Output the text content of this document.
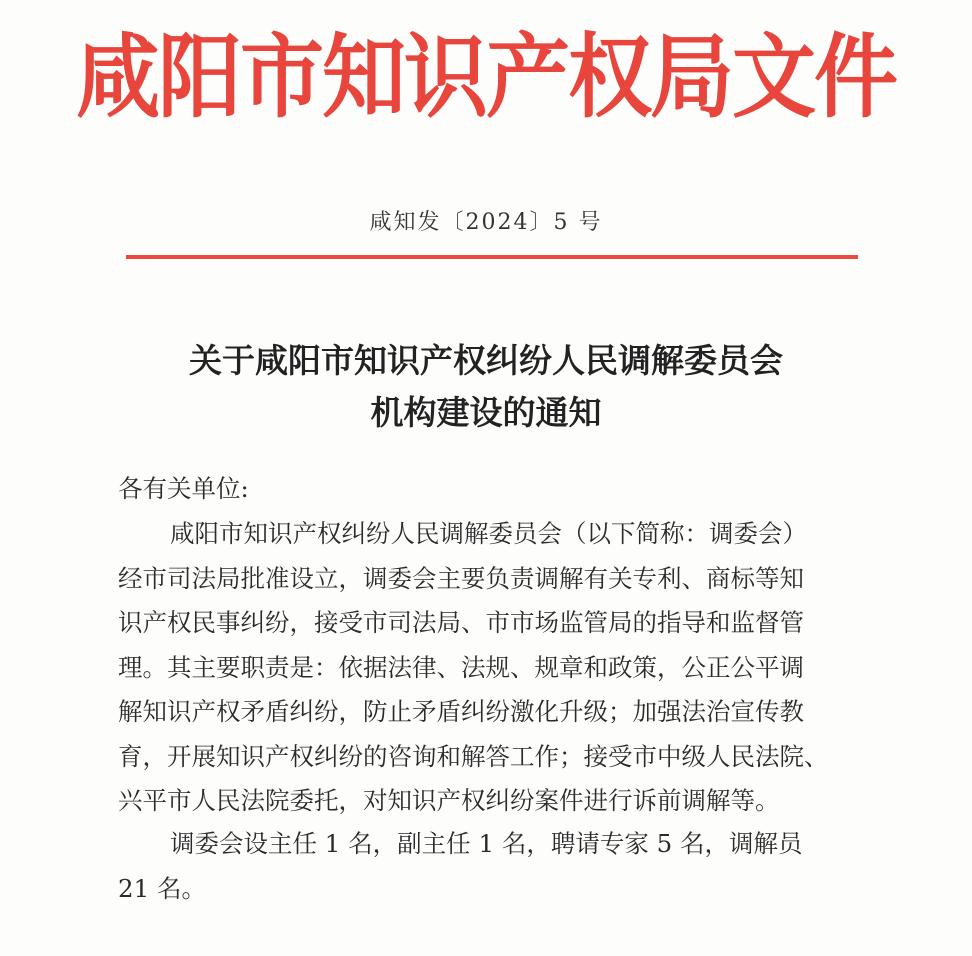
咸阳市知识产权局文件
咸知发〔2024〕5 号
关于咸阳市知识产权纠纷人民调解委员会
机构建设的通知
各有关单位:
咸阳市知识产权纠纷人民调解委员会（以下简称：调委会）
经市司法局批准设立，调委会主要负责调解有关专利、商标等知
识产权民事纠纷，接受市司法局、市市场监管局的指导和监督管
理。其主要职责是：依据法律、法规、规章和政策，公正公平调
解知识产权矛盾纠纷，防止矛盾纠纷激化升级；加强法治宣传教
育，开展知识产权纠纷的咨询和解答工作；接受市中级人民法院、
兴平市人民法院委托，对知识产权纠纷案件进行诉前调解等。
调委会设主任 1 名，副主任 1 名，聘请专家 5 名，调解员
21 名。
